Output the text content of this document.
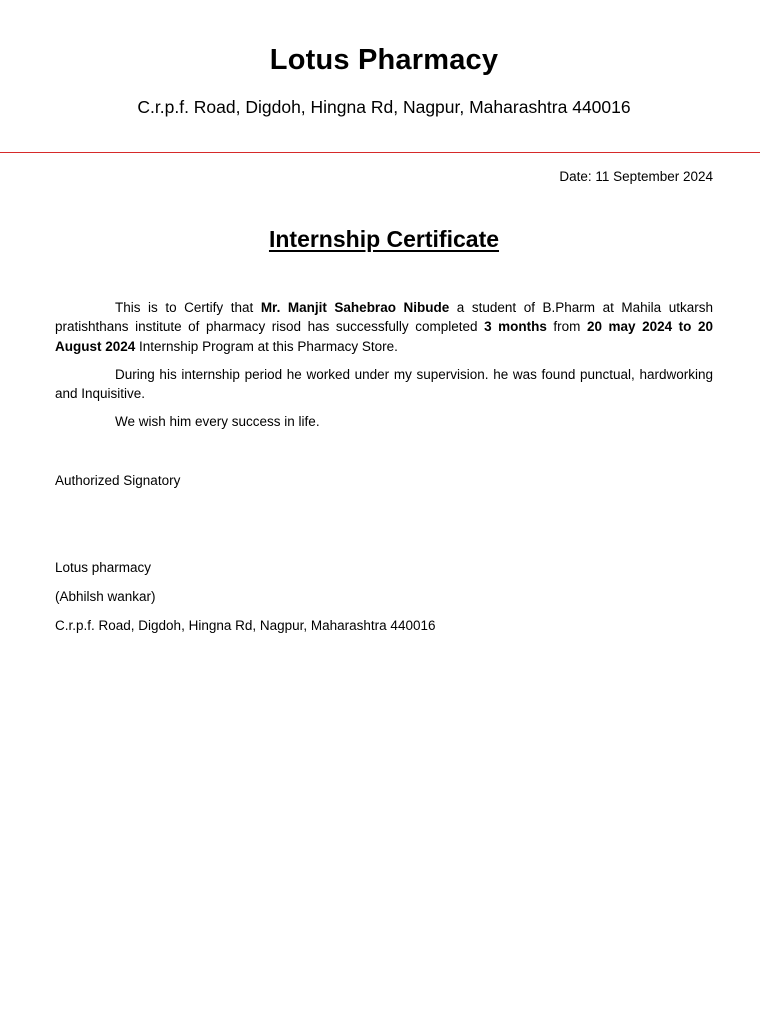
Lotus Pharmacy
C.r.p.f. Road, Digdoh, Hingna Rd, Nagpur, Maharashtra 440016
Date: 11 September 2024
Internship Certificate

This is to Certify that Mr. Manjit Sahebrao Nibude a student of B.Pharm at Mahila utkarsh pratishthans institute of pharmacy risod has successfully completed 3 months from 20 may 2024 to 20 August 2024 Internship Program at this Pharmacy Store.

During his internship period he worked under my supervision. he was found punctual, hardworking and Inquisitive.

We wish him every success in life.

Authorized Signatory
Lotus pharmacy
(Abhilsh wankar)
C.r.p.f. Road, Digdoh, Hingna Rd, Nagpur, Maharashtra 440016
